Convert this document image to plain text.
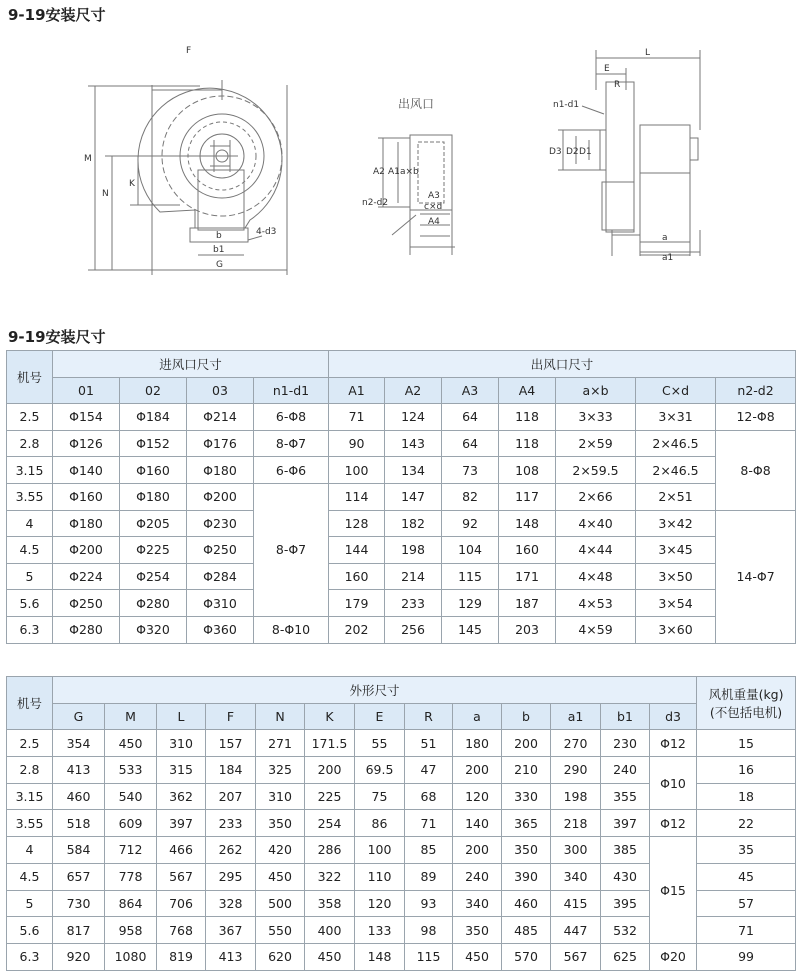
9-19安装尺寸
F
M
N
K
b
b1
G
4-d3
出风口
A2 A1 a×b
n2-d2
A3
c×d
A4
L
E
R
n1-d1
D3 D2 D1
a
a1
9-19安装尺寸
机号	进风口尺寸				出风口尺寸						
	01	02	03	n1-d1	A1	A2	A3	A4	a×b	C×d	n2-d2
2.5	Φ154	Φ184	Φ214	6-Φ8	71	124	64	118	3×33	3×31	12-Φ8
2.8	Φ126	Φ152	Φ176	8-Φ7	90	143	64	118	2×59	2×46.5	8-Φ8
3.15	Φ140	Φ160	Φ180	6-Φ6	100	134	73	108	2×59.5	2×46.5	
3.55	Φ160	Φ180	Φ200	8-Φ7	114	147	82	117	2×66	2×51	
4	Φ180	Φ205	Φ230		128	182	92	148	4×40	3×42	14-Φ7
4.5	Φ200	Φ225	Φ250		144	198	104	160	4×44	3×45	
5	Φ224	Φ254	Φ284		160	214	115	171	4×48	3×50	
5.6	Φ250	Φ280	Φ310		179	233	129	187	4×53	3×54	
6.3	Φ280	Φ320	Φ360	8-Φ10	202	256	145	203	4×59	3×60	
机号	外形尺寸													风机重量(kg)
(不包括电机)

	G	M	L	F	N	K	E	R	a	b	a1	b1	d3	
2.5	354	450	310	157	271	171.5	55	51	180	200	270	230	Φ12	15
2.8	413	533	315	184	325	200	69.5	47	200	210	290	240	Φ10	16
3.15	460	540	362	207	310	225	75	68	120	330	198	355		18
3.55	518	609	397	233	350	254	86	71	140	365	218	397	Φ12	22
4	584	712	466	262	420	286	100	85	200	350	300	385	Φ15	35
4.5	657	778	567	295	450	322	110	89	240	390	340	430		45
5	730	864	706	328	500	358	120	93	340	460	415	395		57
5.6	817	958	768	367	550	400	133	98	350	485	447	532		71
6.3	920	1080	819	413	620	450	148	115	450	570	567	625	Φ20	99
